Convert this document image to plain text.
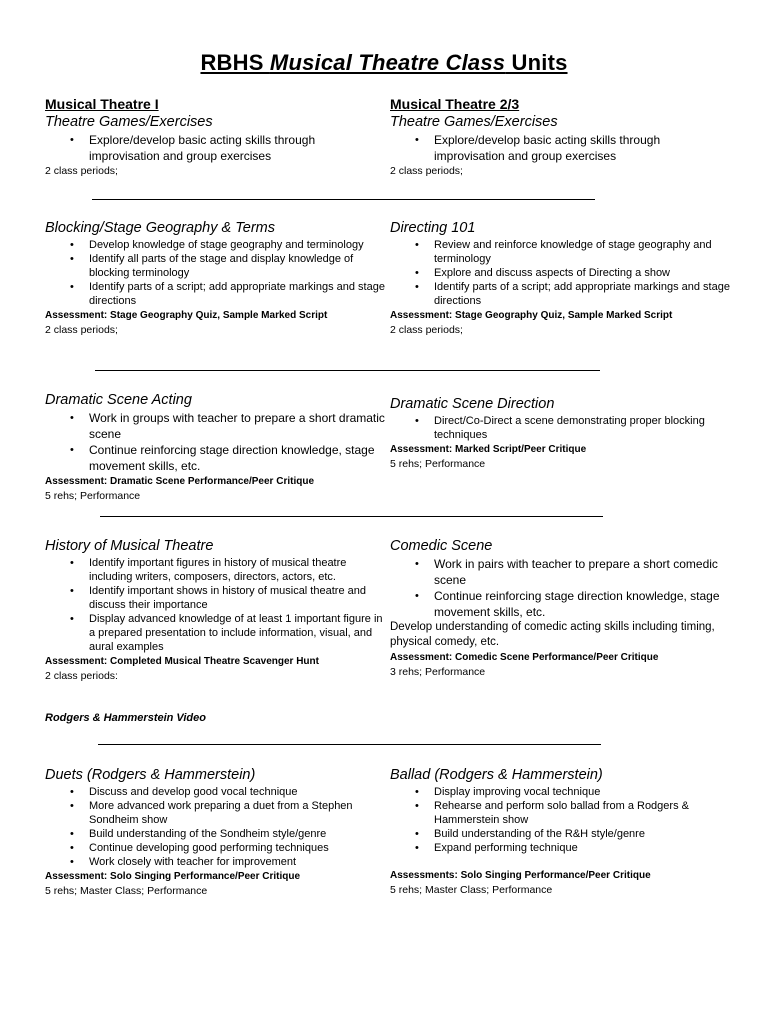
RBHS Musical Theatre Class Units
Musical Theatre I
Theatre Games/Exercises
• Explore/develop basic acting skills through improvisation and group exercises
2 class periods;
Musical Theatre 2/3
Theatre Games/Exercises
• Explore/develop basic acting skills through improvisation and group exercises
2 class periods;
Blocking/Stage Geography & Terms
• Develop knowledge of stage geography and terminology
• Identify all parts of the stage and display knowledge of blocking terminology
• Identify parts of a script; add appropriate markings and stage directions
Assessment: Stage Geography Quiz, Sample Marked Script
2 class periods;
Directing 101
• Review and reinforce knowledge of stage geography and terminology
• Explore and discuss aspects of Directing a show
• Identify parts of a script; add appropriate markings and stage directions
Assessment: Stage Geography Quiz, Sample Marked Script
2 class periods;
Dramatic Scene Acting
• Work in groups with teacher to prepare a short dramatic scene
• Continue reinforcing stage direction knowledge, stage movement skills, etc.
Assessment: Dramatic Scene Performance/Peer Critique
5 rehs; Performance
Dramatic Scene Direction
• Direct/Co-Direct a scene demonstrating proper blocking techniques
Assessment: Marked Script/Peer Critique
5 rehs; Performance
History of Musical Theatre
• Identify important figures in history of musical theatre including writers, composers, directors, actors, etc.
• Identify important shows in history of musical theatre and discuss their importance
• Display advanced knowledge of at least 1 important figure in a prepared presentation to include information, visual, and aural examples
Assessment: Completed Musical Theatre Scavenger Hunt
2 class periods:
Comedic Scene
• Work in pairs with teacher to prepare a short comedic scene
• Continue reinforcing stage direction knowledge, stage movement skills, etc.
Develop understanding of comedic acting skills including timing, physical comedy, etc.
Assessment: Comedic Scene Performance/Peer Critique
3 rehs; Performance
Rodgers & Hammerstein Video
Duets (Rodgers & Hammerstein)
• Discuss and develop good vocal technique
• More advanced work preparing a duet from a Stephen Sondheim show
• Build understanding of the Sondheim style/genre
• Continue developing good performing techniques
• Work closely with teacher for improvement
Assessment: Solo Singing Performance/Peer Critique
5 rehs; Master Class; Performance
Ballad (Rodgers & Hammerstein)
• Display improving vocal technique
• Rehearse and perform solo ballad from a Rodgers & Hammerstein show
• Build understanding of the R&H style/genre
• Expand performing technique
Assessments: Solo Singing Performance/Peer Critique
5 rehs; Master Class; Performance
